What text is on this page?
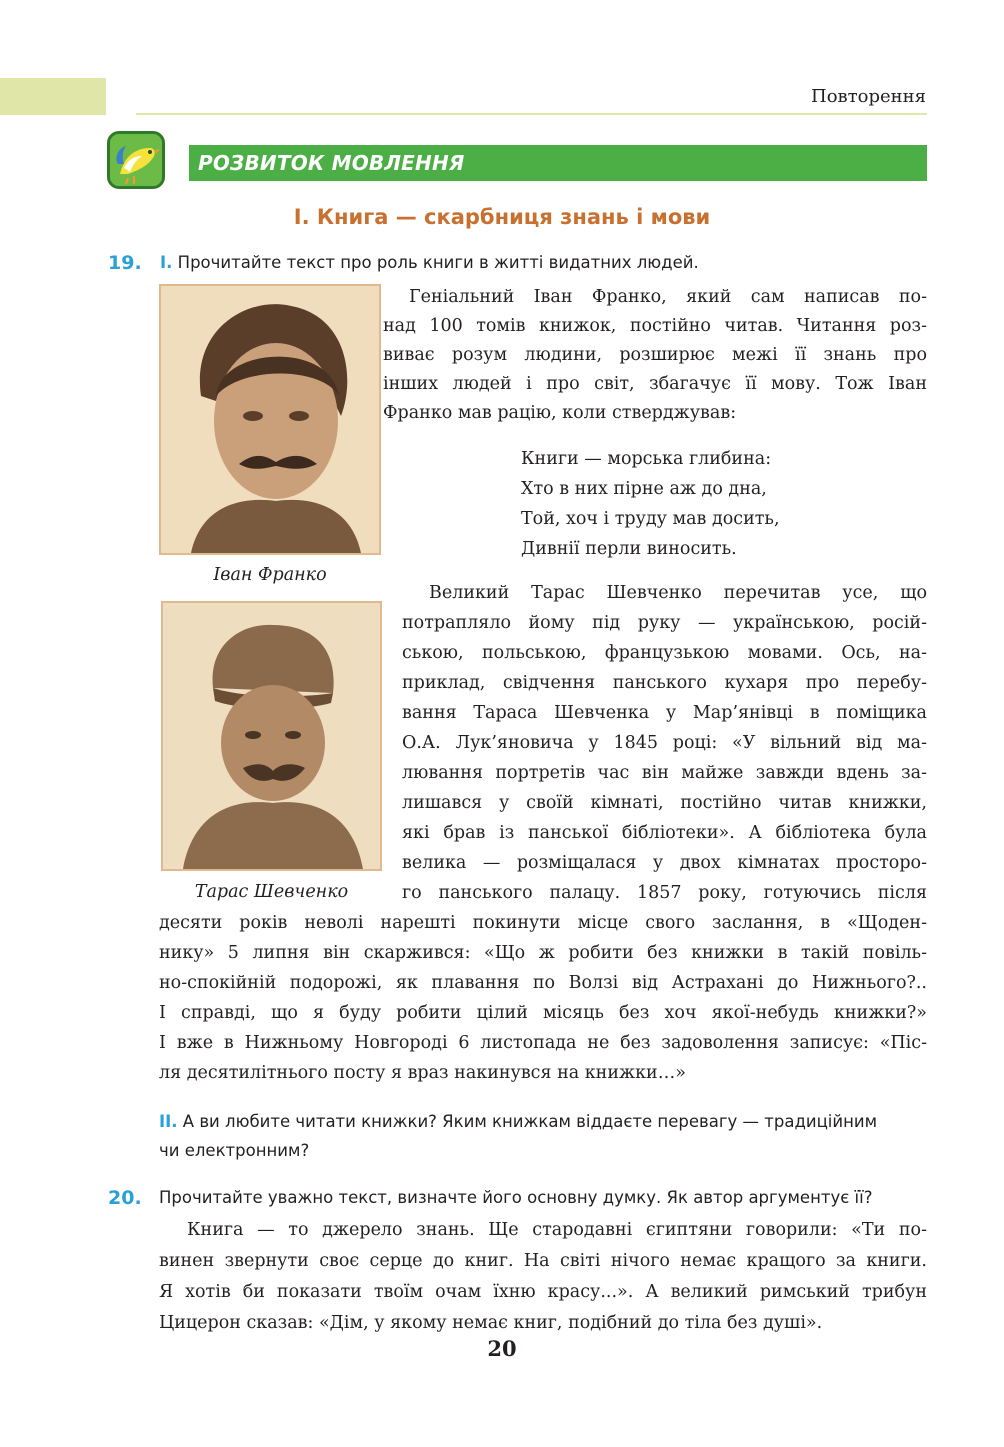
Повторення
РОЗВИТОК МОВЛЕННЯ
І. Книга — скарбниця знань і мови
19. I. Прочитайте текст про роль книги в житті видатних людей.
Іван Франко
Геніальний Іван Франко, який сам написав по-
над 100 томів книжок, постійно читав. Читання роз-
виває розум людини, розширює межі її знань про
інших людей і про світ, збагачує її мову. Тож Іван
Франко мав рацію, коли стверджував:
Книги — морська глибина:
Хто в них пірне аж до дна,
Той, хоч і труду мав досить,
Дивнії перли виносить.
Тарас Шевченко
Великий Тарас Шевченко перечитав усе, що
потрапляло йому під руку — українською, росій-
ською, польською, французькою мовами. Ось, на-
приклад, свідчення панського кухаря про перебу-
вання Тараса Шевченка у Мар’янівці в поміщика
О.А. Лук’яновича у 1845 році: «У вільний від ма-
лювання портретів час він майже завжди вдень за-
лишався у своїй кімнаті, постійно читав книжки,
які брав із панської бібліотеки». А бібліотека була
велика — розміщалася у двох кімнатах просторо-
го панського палацу. 1857 року, готуючись після
десяти років неволі нарешті покинути місце свого заслання, в «Щоден-
нику» 5 липня він скаржився: «Що ж робити без книжки в такій повіль-
но-спокійній подорожі, як плавання по Волзі від Астрахані до Нижнього?..
І справді, що я буду робити цілий місяць без хоч якої-небудь книжки?»
І вже в Нижньому Новгороді 6 листопада не без задоволення записує: «Піс-
ля десятилітнього посту я враз накинувся на книжки…»
II. А ви любите читати книжки? Яким книжкам віддаєте перевагу — традиційним
чи електронним?
20. Прочитайте уважно текст, визначте його основну думку. Як автор аргументує її?
Книга — то джерело знань. Ще стародавні єгиптяни говорили: «Ти по-
винен звернути своє серце до книг. На світі нічого немає кращого за книги.
Я хотів би показати твоїм очам їхню красу...». А великий римський трибун
Цицерон сказав: «Дім, у якому немає книг, подібний до тіла без душі».
20
